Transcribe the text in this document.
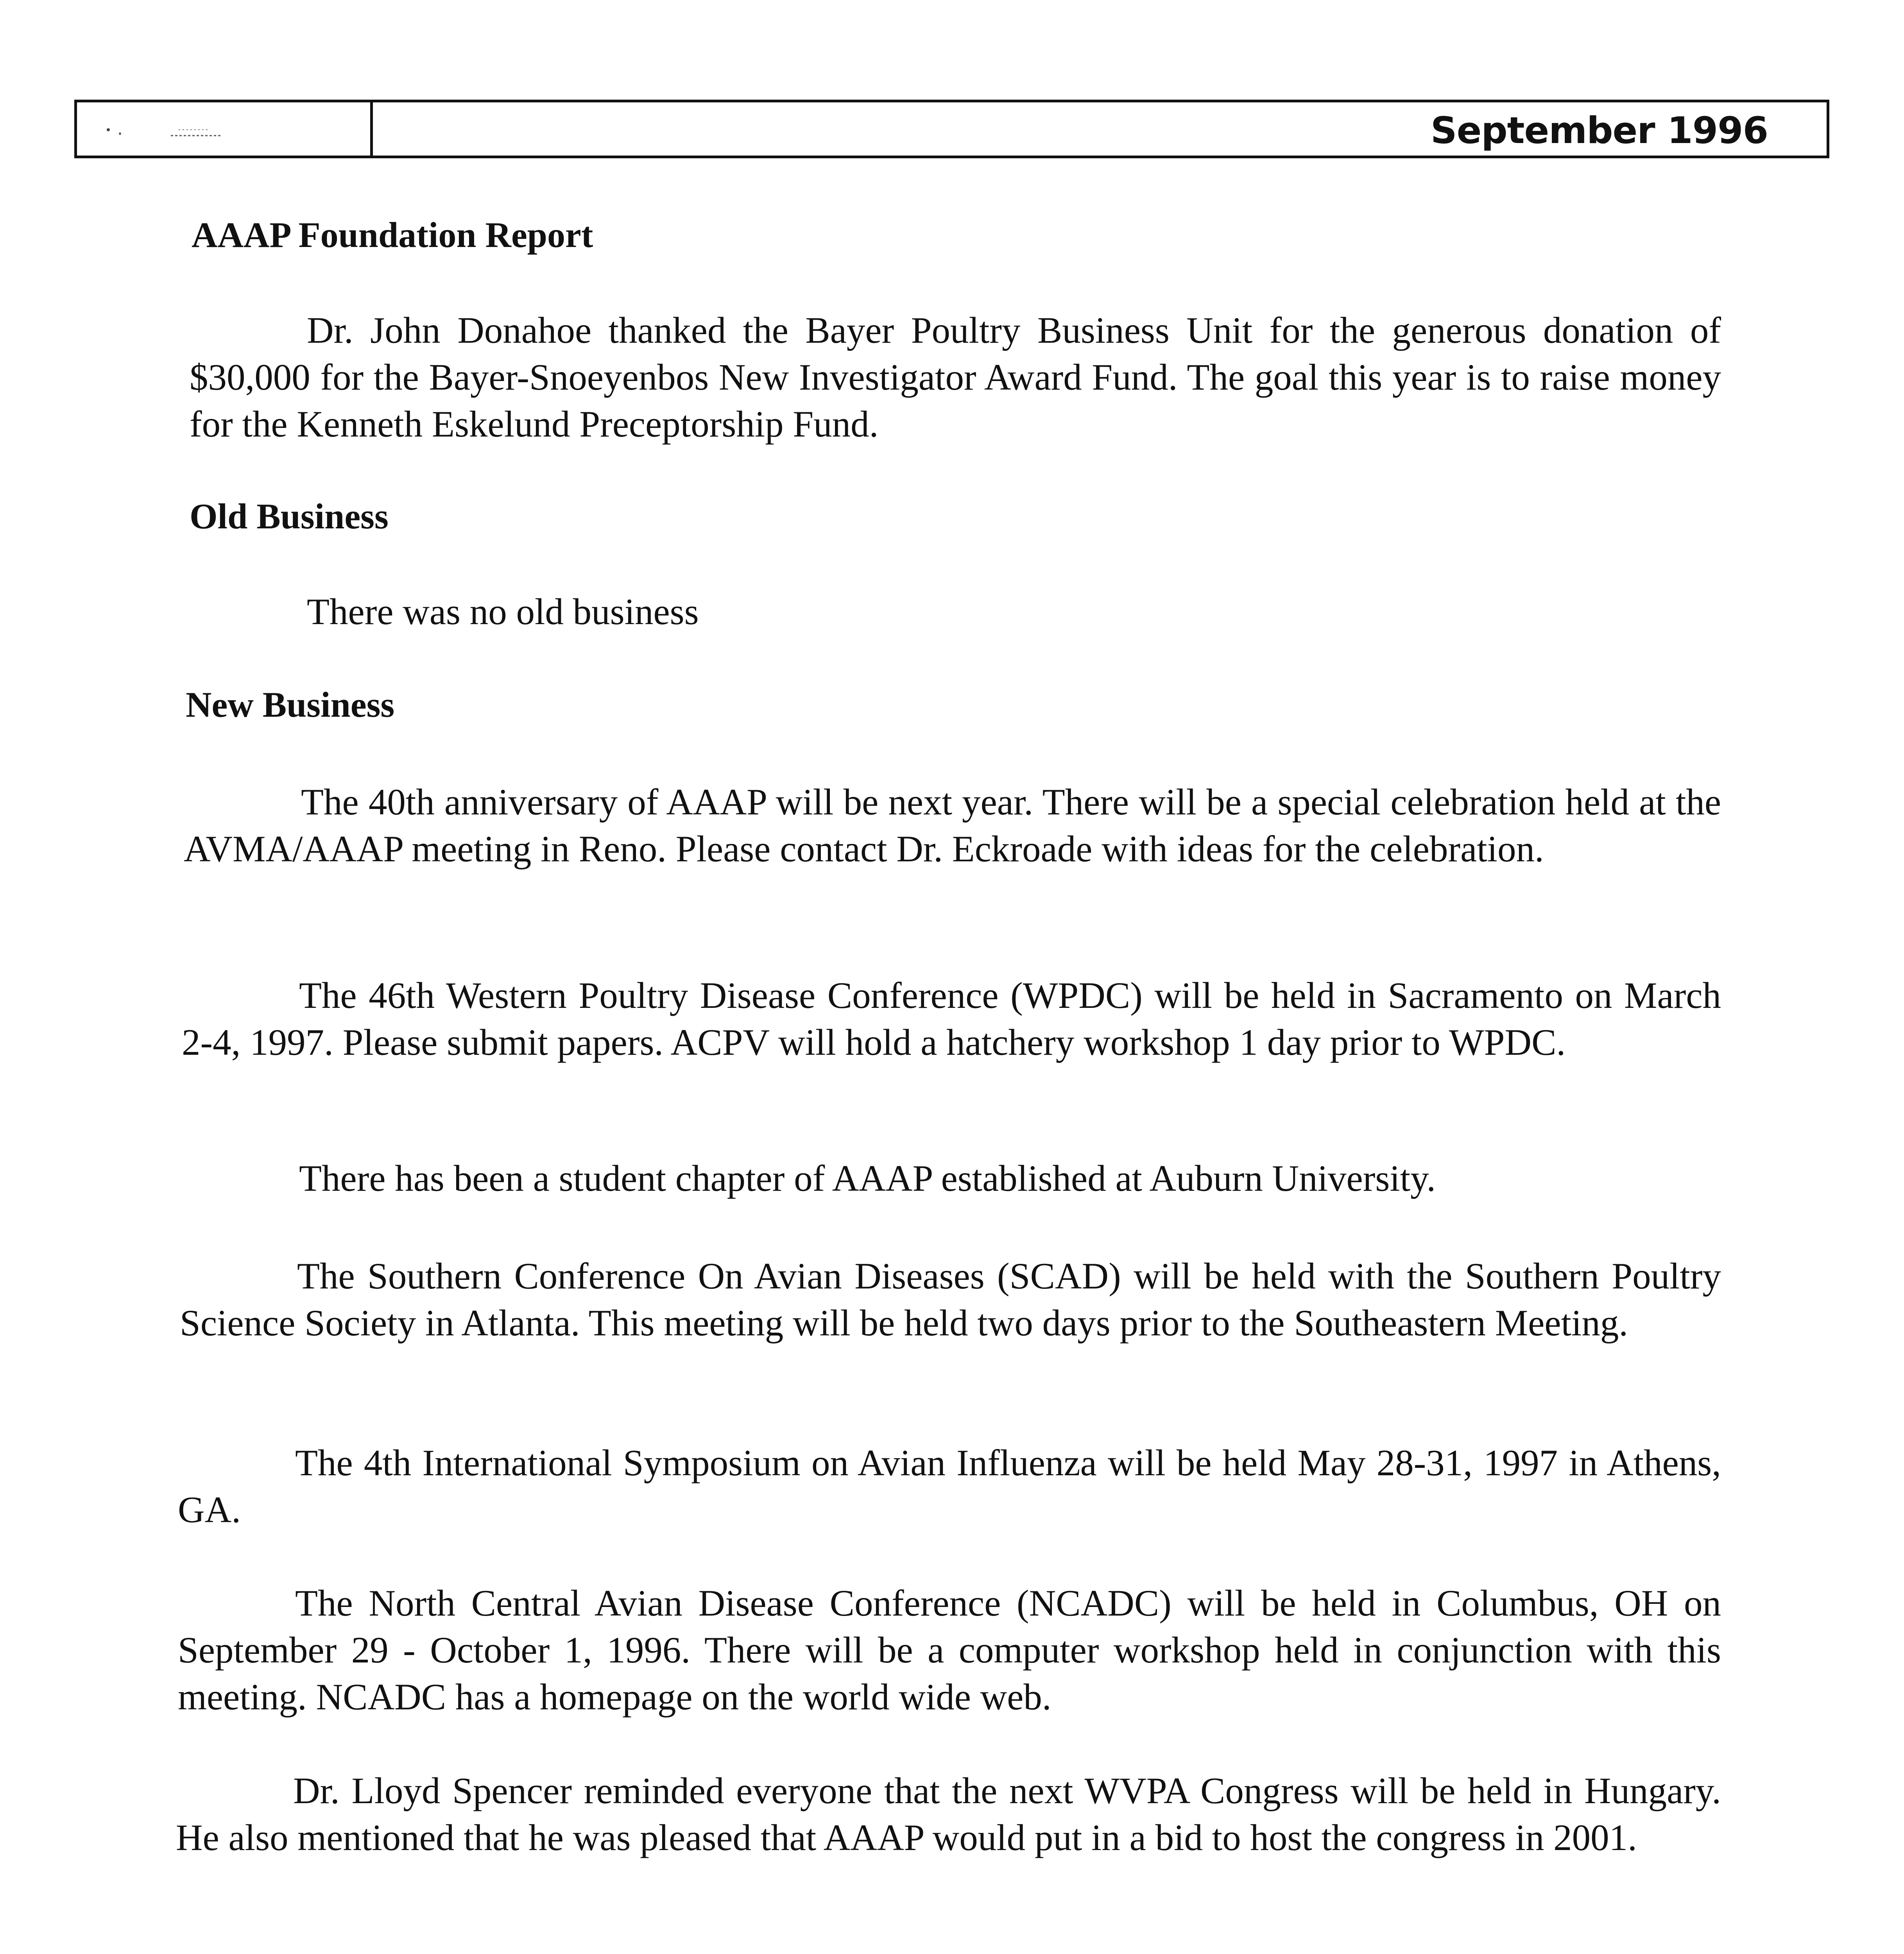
September 1996
AAAP Foundation Report

Dr. John Donahoe thanked the Bayer Poultry Business Unit for the generous donation of $30,000 for the Bayer-Snoeyenbos New Investigator Award Fund. The goal this year is to raise money for the Kenneth Eskelund Preceptorship Fund.

Old Business

There was no old business

New Business

The 40th anniversary of AAAP will be next year. There will be a special celebration held at the AVMA/AAAP meeting in Reno. Please contact Dr. Eckroade with ideas for the celebration.

The 46th Western Poultry Disease Conference (WPDC) will be held in Sacramento on March 2-4, 1997. Please submit papers. ACPV will hold a hatchery workshop 1 day prior to WPDC.

There has been a student chapter of AAAP established at Auburn University.

The Southern Conference On Avian Diseases (SCAD) will be held with the Southern Poultry Science Society in Atlanta. This meeting will be held two days prior to the Southeastern Meeting.

The 4th International Symposium on Avian Influenza will be held May 28-31, 1997 in Athens, GA.

The North Central Avian Disease Conference (NCADC) will be held in Columbus, OH on September 29 - October 1, 1996. There will be a computer workshop held in conjunction with this meeting. NCADC has a homepage on the world wide web.

Dr. Lloyd Spencer reminded everyone that the next WVPA Congress will be held in Hungary. He also mentioned that he was pleased that AAAP would put in a bid to host the congress in 2001.
